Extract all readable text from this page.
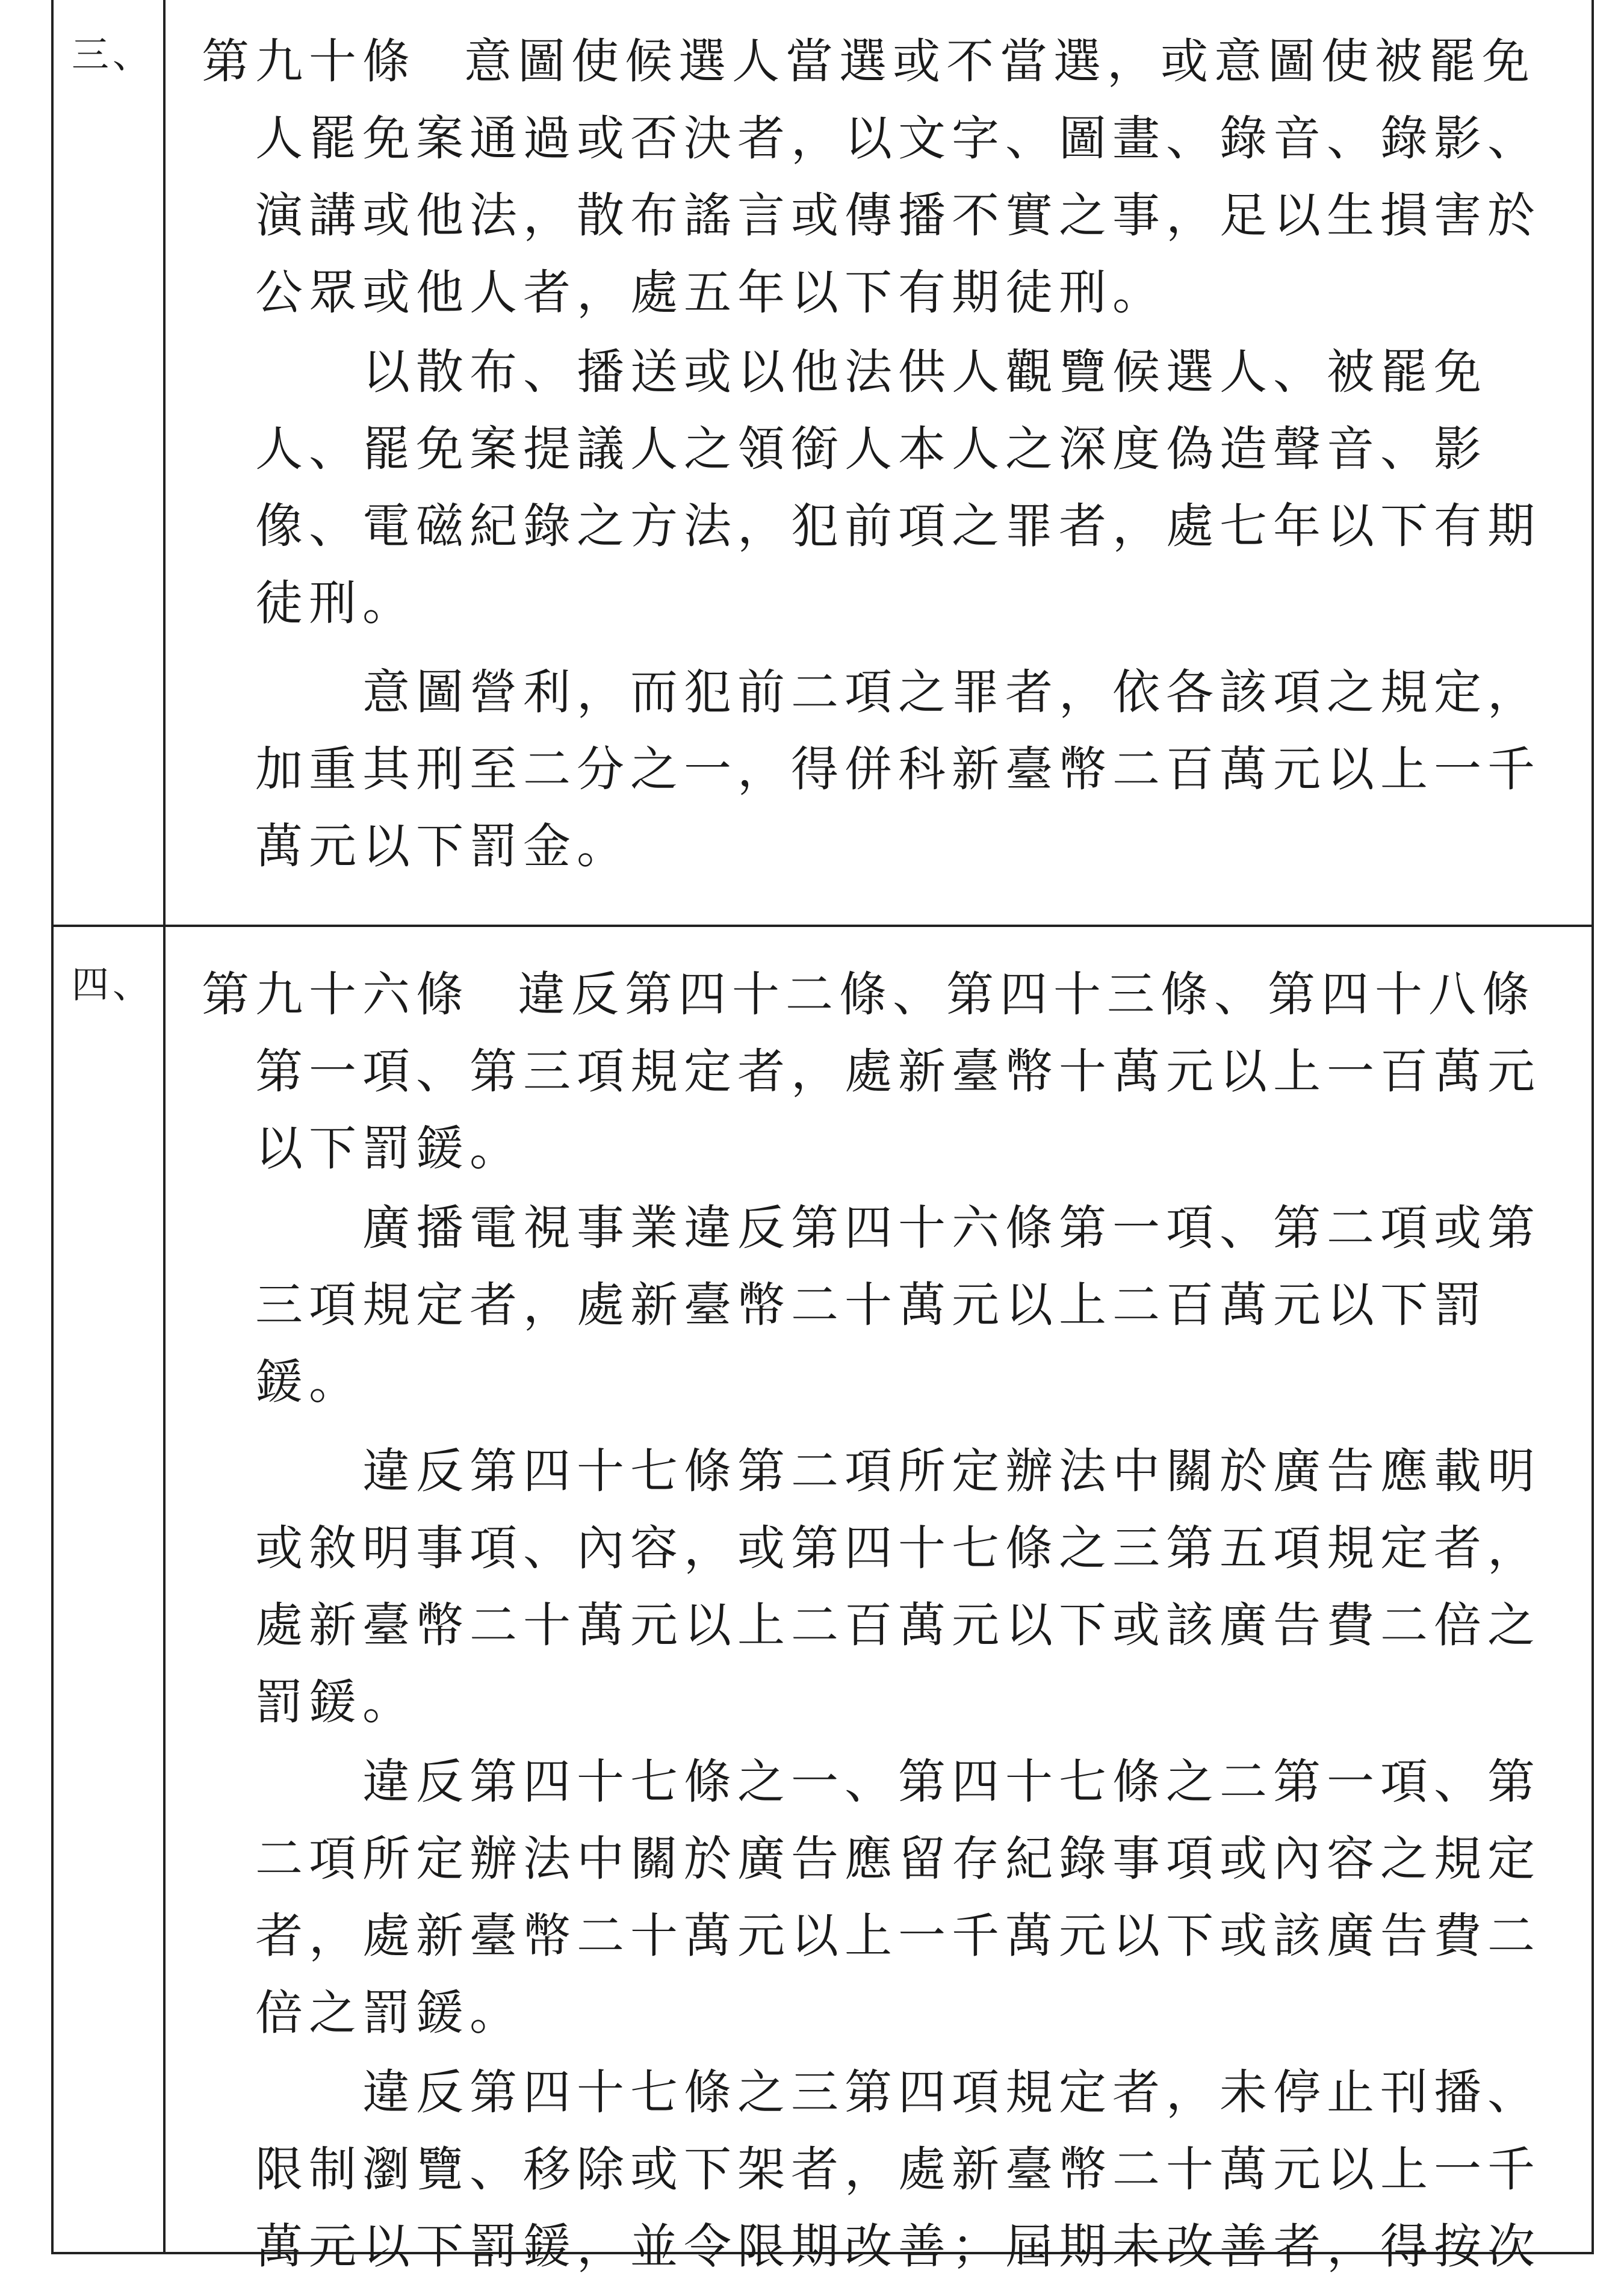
三、 第九十條 意圖使候選人當選或不當選，或意圖使被罷免人罷免案通過或否決者，以文字、圖畫、錄音、錄影、演講或他法，散布謠言或傳播不實之事，足以生損害於公眾或他人者，處五年以下有期徒刑。

以散布、播送或以他法供人觀覽候選人、被罷免人、罷免案提議人之領銜人本人之深度偽造聲音、影像、電磁紀錄之方法，犯前項之罪者，處七年以下有期徒刑。

意圖營利，而犯前二項之罪者，依各該項之規定，加重其刑至二分之一，得併科新臺幣二百萬元以上一千萬元以下罰金。

四、 第九十六條 違反第四十二條、第四十三條、第四十八條第一項、第三項規定者，處新臺幣十萬元以上一百萬元以下罰鍰。

廣播電視事業違反第四十六條第一項、第二項或第三項規定者，處新臺幣二十萬元以上二百萬元以下罰鍰。

違反第四十七條第二項所定辦法中關於廣告應載明或敘明事項、內容，或第四十七條之三第五項規定者，處新臺幣二十萬元以上二百萬元以下或該廣告費二倍之罰鍰。

違反第四十七條之一、第四十七條之二第一項、第二項所定辦法中關於廣告應留存紀錄事項或內容之規定者，處新臺幣二十萬元以上一千萬元以下或該廣告費二倍之罰鍰。

違反第四十七條之三第四項規定者，未停止刊播、限制瀏覽、移除或下架者，處新臺幣二十萬元以上一千萬元以下罰鍰，並令限期改善；屆期未改善者，得按次
